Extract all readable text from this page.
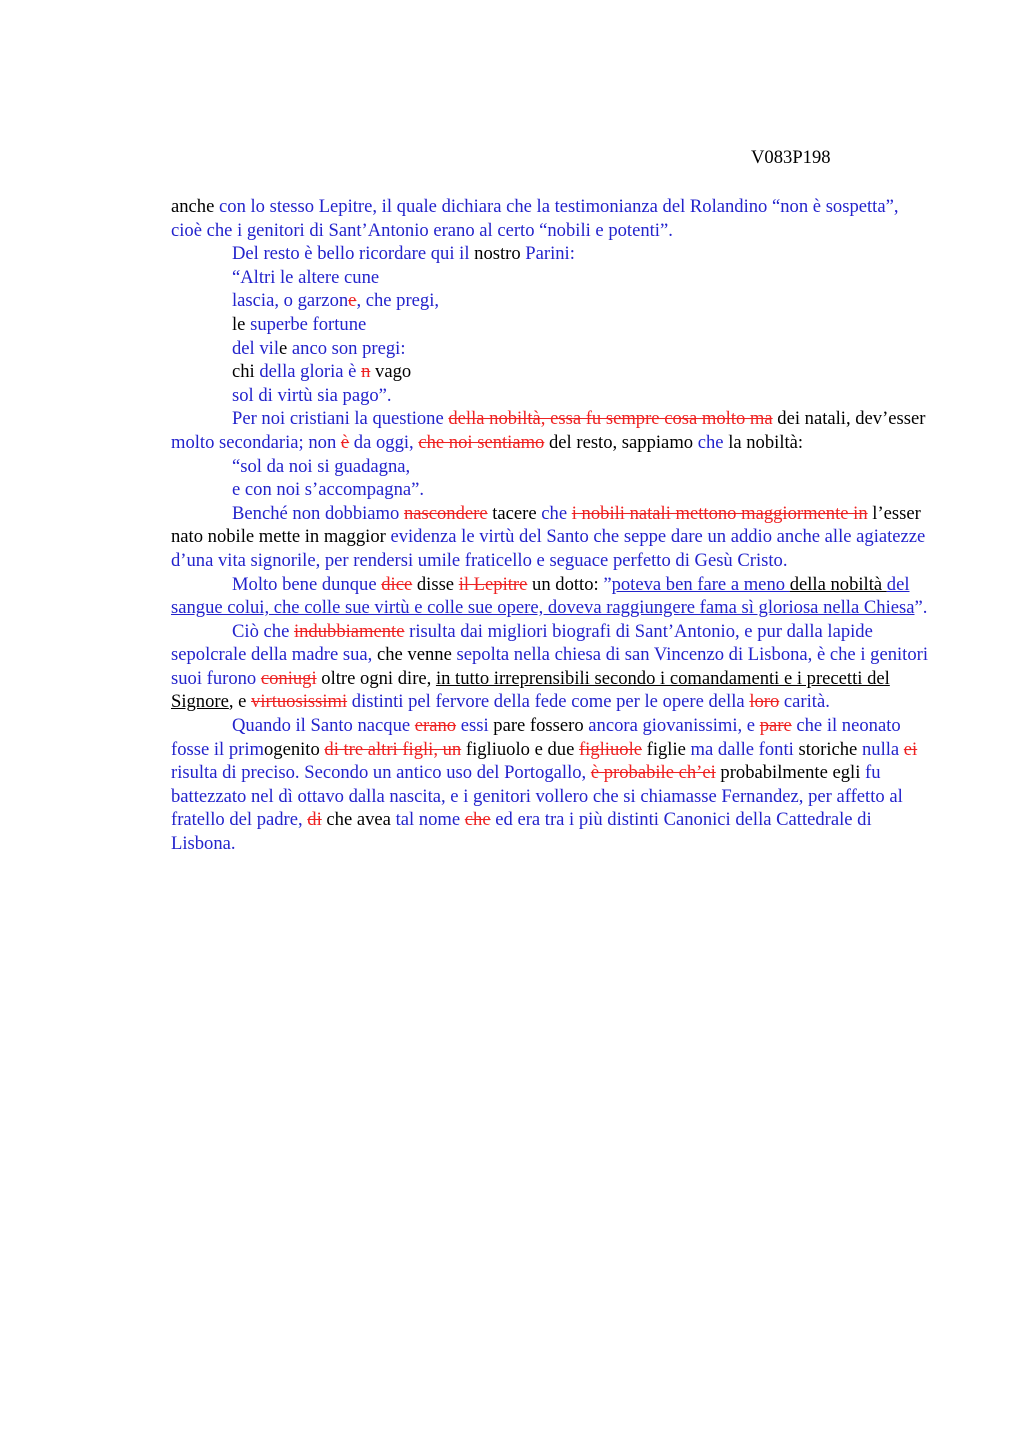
V083P198

anche con lo stesso Lepitre, il quale dichiara che la testimonianza del Rolandino “non è sospetta”, cioè che i genitori di Sant’Antonio erano al certo “nobili e potenti”.

Del resto è bello ricordare qui il nostro Parini:

“Altri le altere cune

lascia, o garzone, che pregi,

le superbe fortune

del vile anco son pregi:

chi della gloria è n vago

sol di virtù sia pago”.

Per noi cristiani la questione della nobiltà, essa fu sempre cosa molto ma dei natali, dev’esser molto secondaria; non è da oggi, che noi sentiamo del resto, sappiamo che la nobiltà:

“sol da noi si guadagna,

e con noi s’accompagna”.

Benché non dobbiamo nascondere tacere che i nobili natali mettono maggiormente in l’esser nato nobile mette in maggior evidenza le virtù del Santo che seppe dare un addio anche alle agiatezze d’una vita signorile, per rendersi umile fraticello e seguace perfetto di Gesù Cristo.

Molto bene dunque dice disse il Lepitre un dotto: ”poteva ben fare a meno della nobiltà del sangue colui, che colle sue virtù e colle sue opere, doveva raggiungere fama sì gloriosa nella Chiesa”.

Ciò che indubbiamente risulta dai migliori biografi di Sant’Antonio, e pur dalla lapide sepolcrale della madre sua, che venne sepolta nella chiesa di san Vincenzo di Lisbona, è che i genitori suoi furono coniugi oltre ogni dire, in tutto irreprensibili secondo i comandamenti e i precetti del Signore, e virtuosissimi distinti pel fervore della fede come per le opere della loro carità.

Quando il Santo nacque erano essi pare fossero ancora giovanissimi, e pare che il neonato fosse il primogenito di tre altri figli, un figliuolo e due figliuole figlie ma dalle fonti storiche nulla ei risulta di preciso. Secondo un antico uso del Portogallo, è probabile ch’ei probabilmente egli fu battezzato nel dì ottavo dalla nascita, e i genitori vollero che si chiamasse Fernandez, per affetto al fratello del padre, di che avea tal nome che ed era tra i più distinti Canonici della Cattedrale di Lisbona.
